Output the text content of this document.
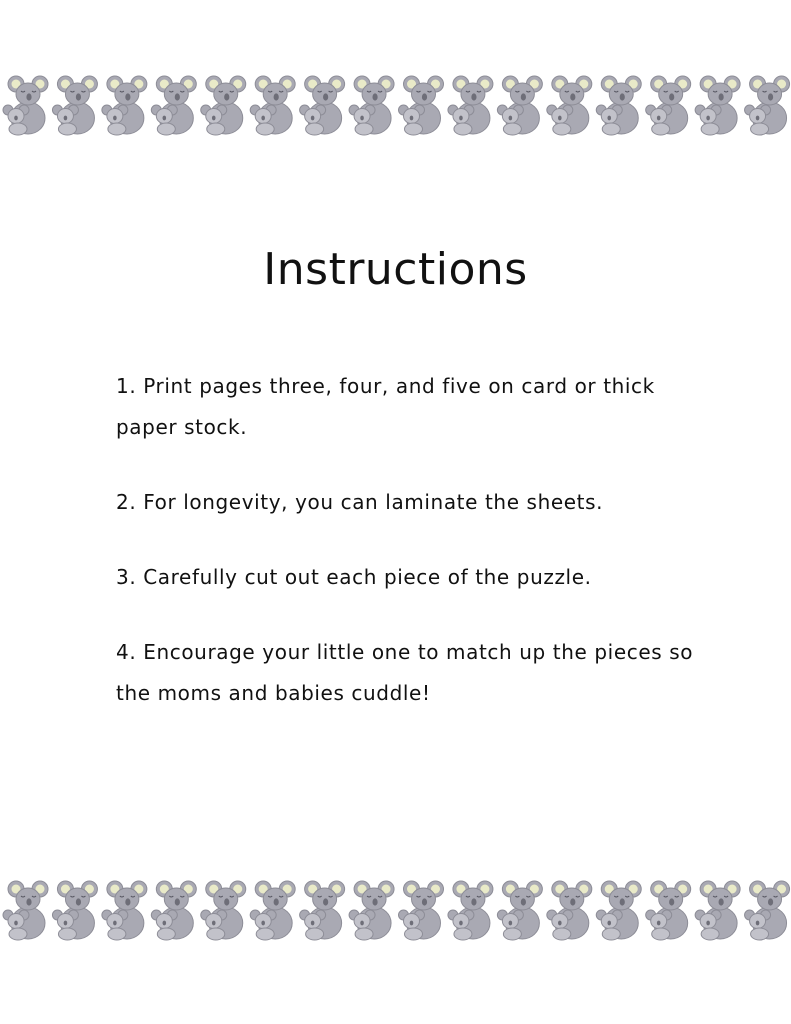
Instructions
1. Print pages three, four, and five on card or thick paper stock.
2. For longevity, you can laminate the sheets.
3. Carefully cut out each piece of the puzzle.
4. Encourage your little one to match up the pieces so the moms and babies cuddle!
